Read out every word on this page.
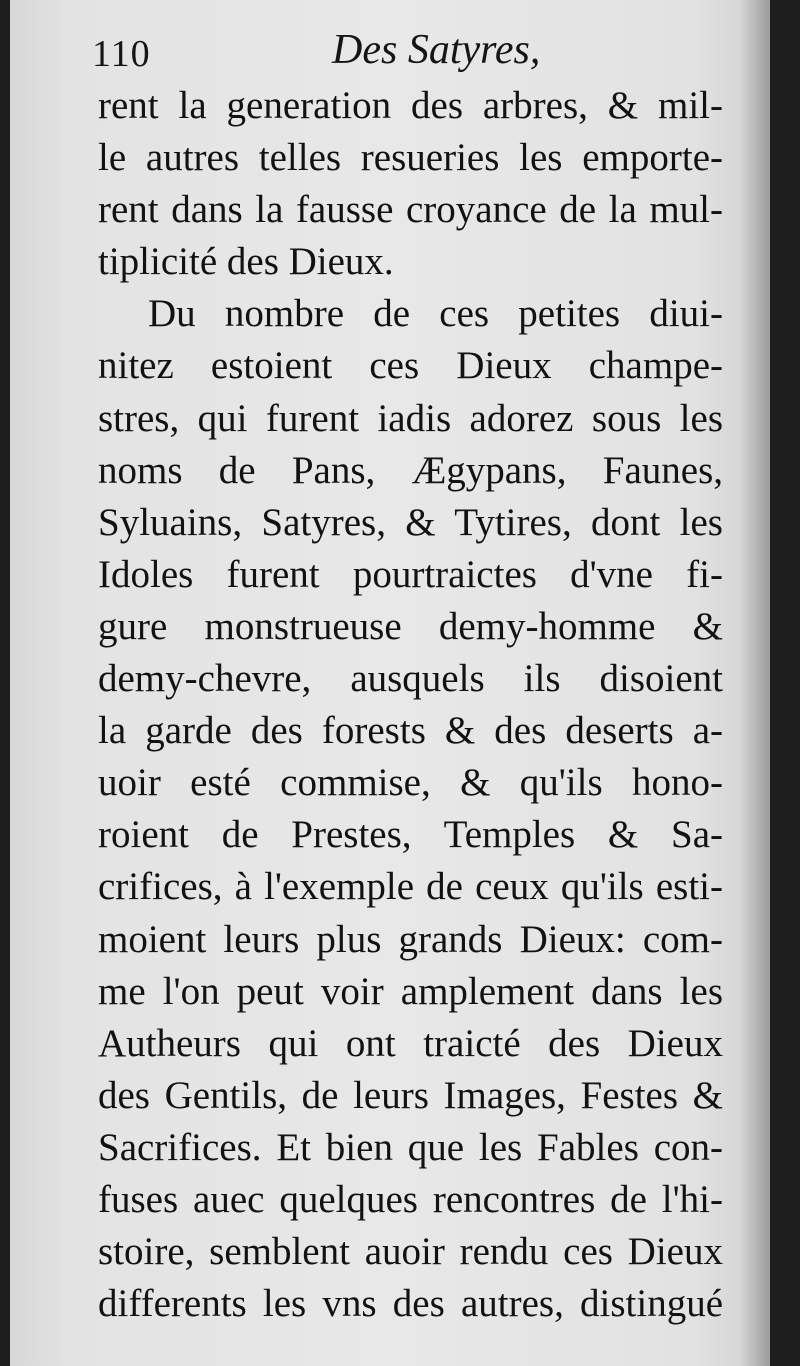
110	Des Satyres,
rent la generation des arbres, & mil-
le autres telles resueries les emporte-
rent dans la fausse croyance de la mul-
tiplicité des Dieux.
Du nombre de ces petites diui-
nitez estoient ces Dieux champe-
stres, qui furent iadis adorez sous les
noms de Pans, Ægypans, Faunes,
Syluains, Satyres, & Tytires, dont les
Idoles furent pourtraictes d'vne fi-
gure monstrueuse demy-homme &
demy-chevre, ausquels ils disoient
la garde des forests & des deserts a-
uoir esté commise, & qu'ils hono-
roient de Prestes, Temples & Sa-
crifices, à l'exemple de ceux qu'ils esti-
moient leurs plus grands Dieux: com-
me l'on peut voir amplement dans les
Autheurs qui ont traicté des Dieux
des Gentils, de leurs Images, Festes &
Sacrifices. Et bien que les Fables con-
fuses auec quelques rencontres de l'hi-
stoire, semblent auoir rendu ces Dieux
differents les vns des autres, distingué
